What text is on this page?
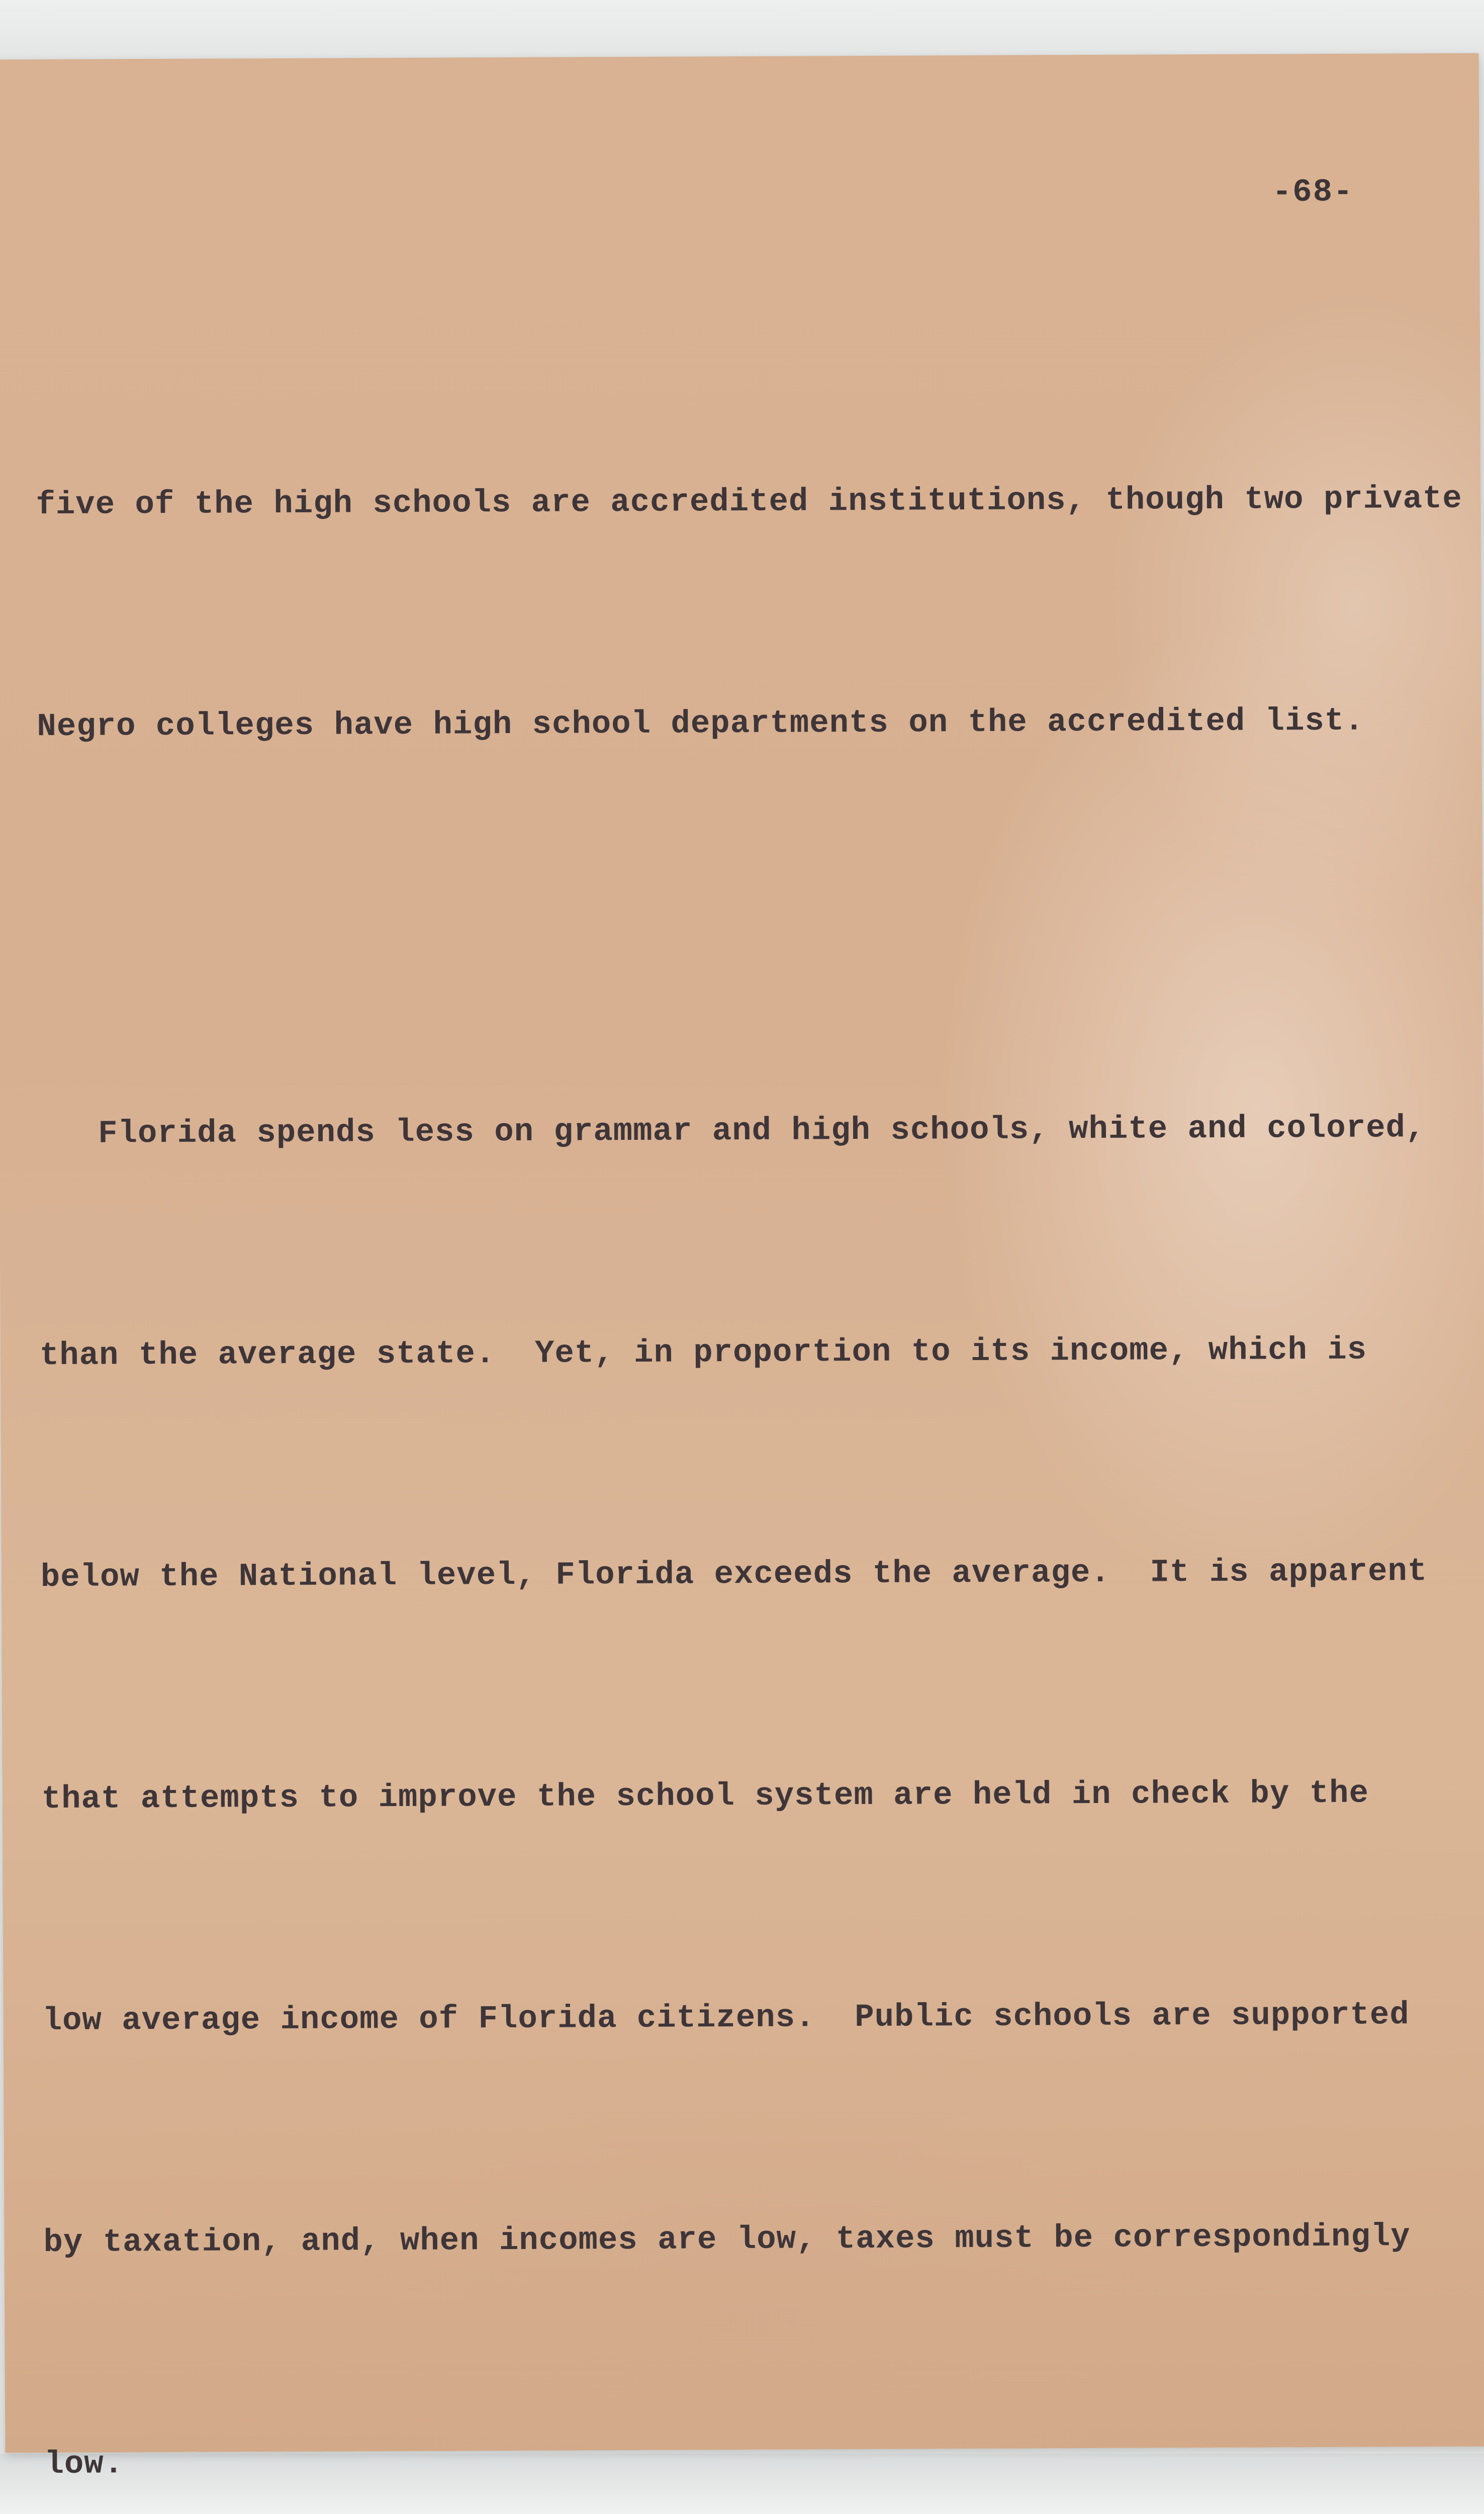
-68-

five of the high schools are accredited institutions, though two private

Negro colleges have high school departments on the accredited list.

Florida spends less on grammar and high schools, white and colored,

than the average state.  Yet, in proportion to its income, which is

below the National level, Florida exceeds the average.  It is apparent

that attempts to improve the school system are held in check by the

low average income of Florida citizens.  Public schools are supported

by taxation, and, when incomes are low, taxes must be correspondingly

low.
